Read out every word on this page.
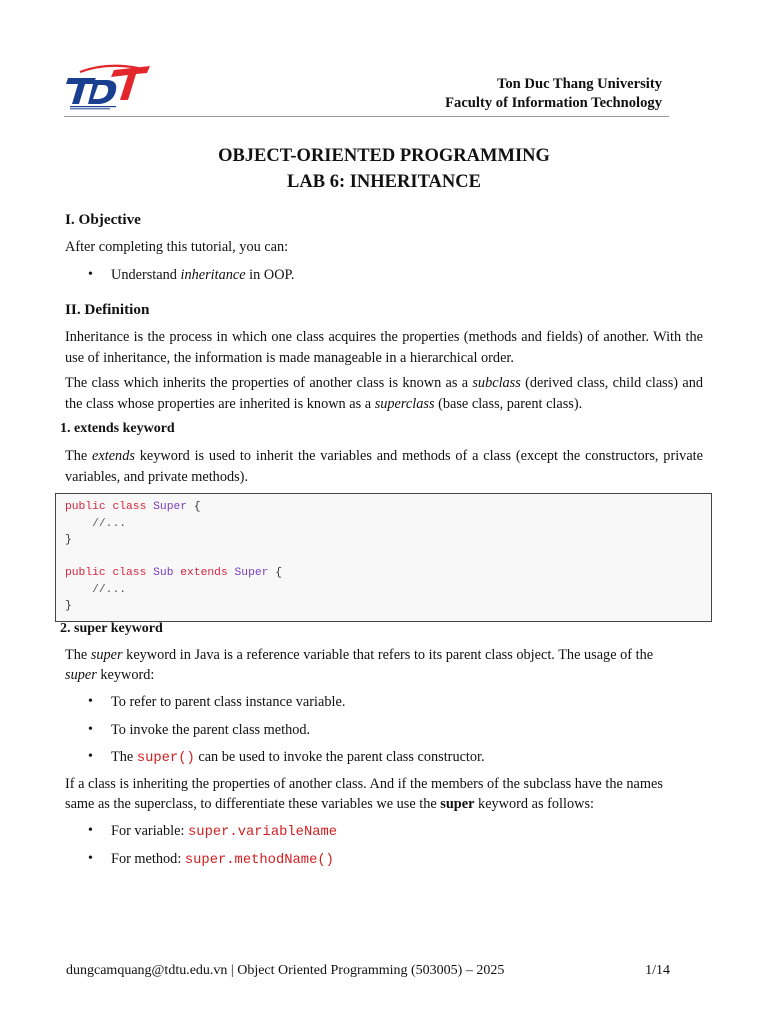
Ton Duc Thang University
Faculty of Information Technology
OBJECT-ORIENTED PROGRAMMING
LAB 6: INHERITANCE
I. Objective
After completing this tutorial, you can:
Understand inheritance in OOP.
II. Definition
Inheritance is the process in which one class acquires the properties (methods and fields) of another. With the use of inheritance, the information is made manageable in a hierarchical order.
The class which inherits the properties of another class is known as a subclass (derived class, child class) and the class whose properties are inherited is known as a superclass (base class, parent class).
1. extends keyword
The extends keyword is used to inherit the variables and methods of a class (except the constructors, private variables, and private methods).
public class Super {
//...
}

public class Sub extends Super {
//...
}
2. super keyword
The super keyword in Java is a reference variable that refers to its parent class object. The usage of the
super keyword:
To refer to parent class instance variable.
To invoke the parent class method.
The super() can be used to invoke the parent class constructor.
If a class is inheriting the properties of another class. And if the members of the subclass have the names
same as the superclass, to differentiate these variables we use the super keyword as follows:
For variable: super.variableName
For method: super.methodName()
dungcamquang@tdtu.edu.vn | Object Oriented Programming (503005) – 2025	1/14
